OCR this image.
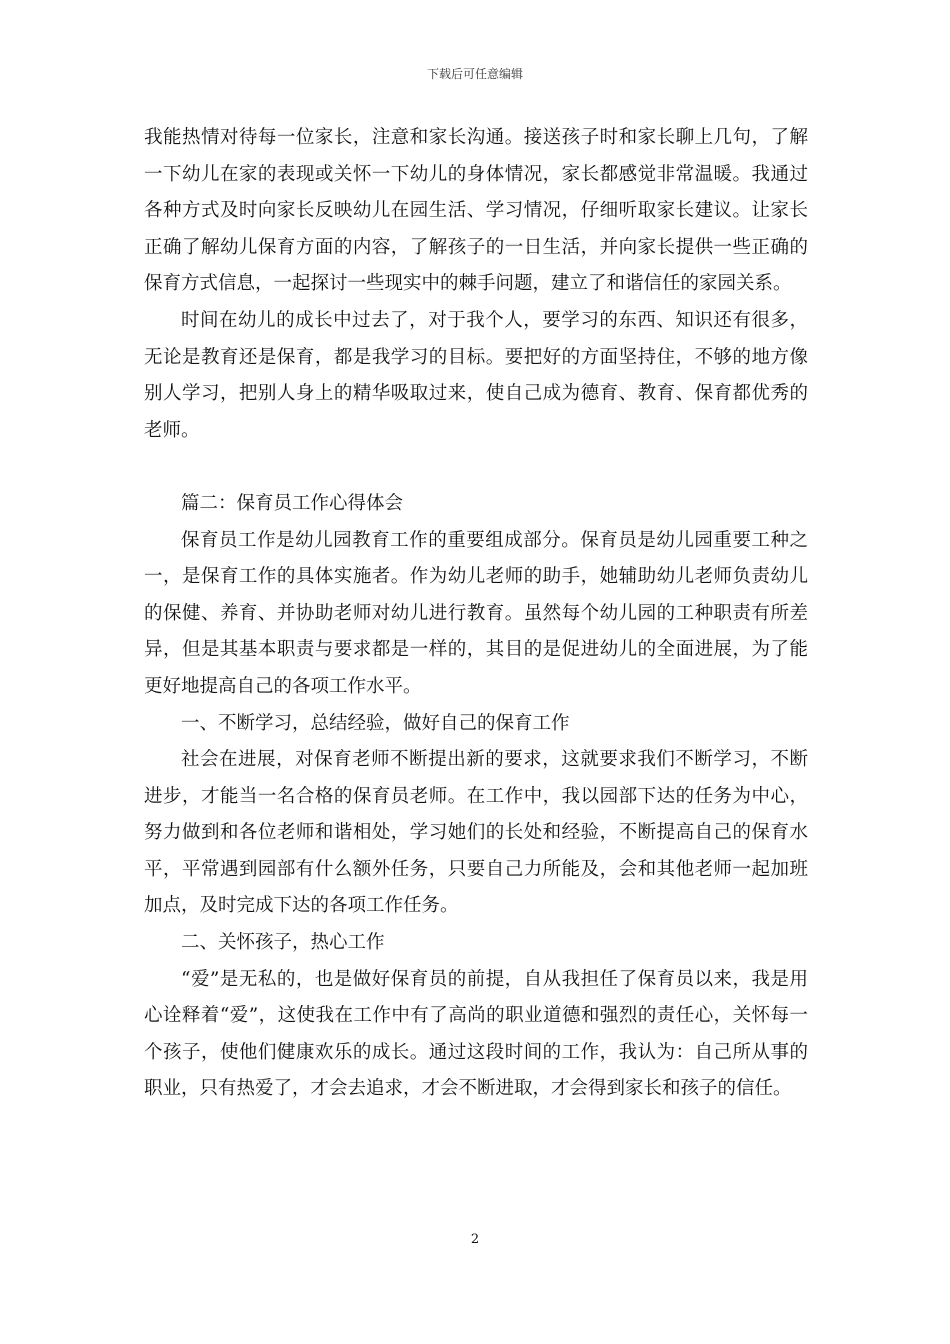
下载后可任意编辑

我能热情对待每一位家长，注意和家长沟通。接送孩子时和家长聊上几句，了解一下幼儿在家的表现或关怀一下幼儿的身体情况，家长都感觉非常温暖。我通过各种方式及时向家长反映幼儿在园生活、学习情况，仔细听取家长建议。让家长正确了解幼儿保育方面的内容，了解孩子的一日生活，并向家长提供一些正确的保育方式信息，一起探讨一些现实中的棘手问题，建立了和谐信任的家园关系。

时间在幼儿的成长中过去了，对于我个人，要学习的东西、知识还有很多，无论是教育还是保育，都是我学习的目标。要把好的方面坚持住，不够的地方像别人学习，把别人身上的精华吸取过来，使自己成为德育、教育、保育都优秀的老师。

篇二：保育员工作心得体会

保育员工作是幼儿园教育工作的重要组成部分。保育员是幼儿园重要工种之一，是保育工作的具体实施者。作为幼儿老师的助手，她辅助幼儿老师负责幼儿的保健、养育、并协助老师对幼儿进行教育。虽然每个幼儿园的工种职责有所差异，但是其基本职责与要求都是一样的，其目的是促进幼儿的全面进展，为了能更好地提高自己的各项工作水平。

一、不断学习，总结经验，做好自己的保育工作

社会在进展，对保育老师不断提出新的要求，这就要求我们不断学习，不断进步，才能当一名合格的保育员老师。在工作中，我以园部下达的任务为中心，努力做到和各位老师和谐相处，学习她们的长处和经验，不断提高自己的保育水平，平常遇到园部有什么额外任务，只要自己力所能及，会和其他老师一起加班加点，及时完成下达的各项工作任务。

二、关怀孩子，热心工作

“爱”是无私的，也是做好保育员的前提，自从我担任了保育员以来，我是用心诠释着“爱”，这使我在工作中有了高尚的职业道德和强烈的责任心，关怀每一个孩子，使他们健康欢乐的成长。通过这段时间的工作，我认为：自己所从事的职业，只有热爱了，才会去追求，才会不断进取，才会得到家长和孩子的信任。

2
